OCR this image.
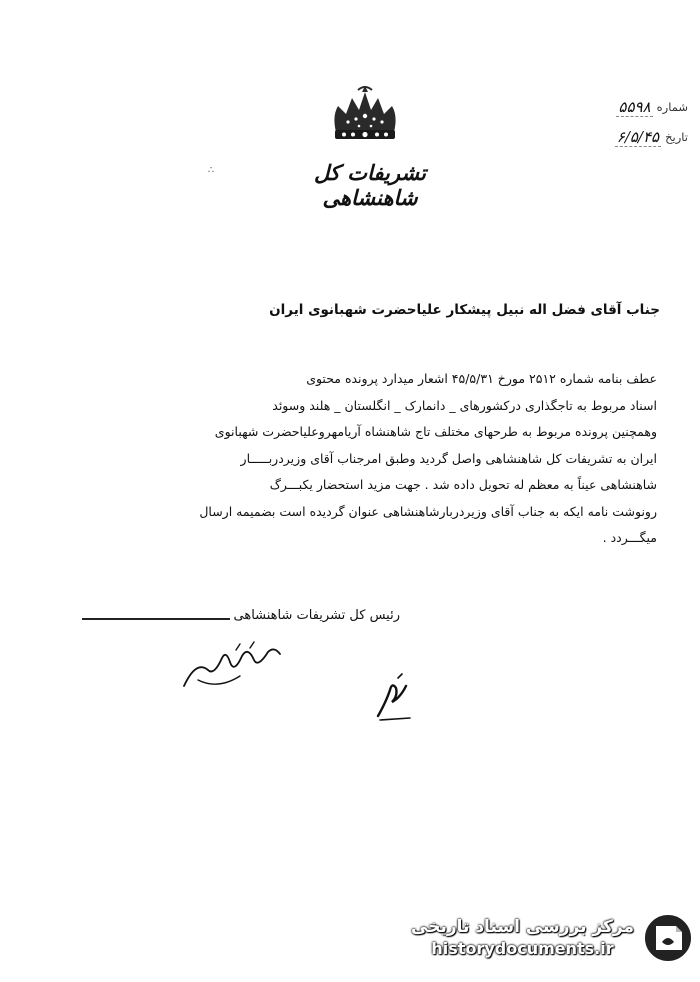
تشریفات کل شاهنشاهی
∴
شماره
۵۵۹۸
تاریخ
۶/۵/۴۵
جناب آقای فضل اله نبیل پیشکار علیاحضرت شهبانوی ایران

عطف بنامه شماره ۲۵۱۲ مورخ ۴۵/۵/۳۱ اشعار میدارد پرونده محتوی

اسناد مربوط به تاجگذاری درکشورهای _ دانمارک _ انگلستان _ هلند وسوئد

وهمچنین پرونده مربوط به طرحهای مختلف تاج شاهنشاه آریامهروعلیاحضرت شهبانوی

ایران به تشریفات کل شاهنشاهی واصل گردید وطبق امرجناب آقای وزیردربـــــار

شاهنشاهی عیناً به معظم له تحویل داده شد . جهت مزید استحضار یکبـــرگ

رونوشت نامه ایکه به جناب آقای وزیردربارشاهنشاهی عنوان گردیده است بضمیمه ارسال

میگـــردد .

رئیس کل تشریفات شاهنشاهی
مرکز بررسی اسناد تاریخی
historydocuments.ir
